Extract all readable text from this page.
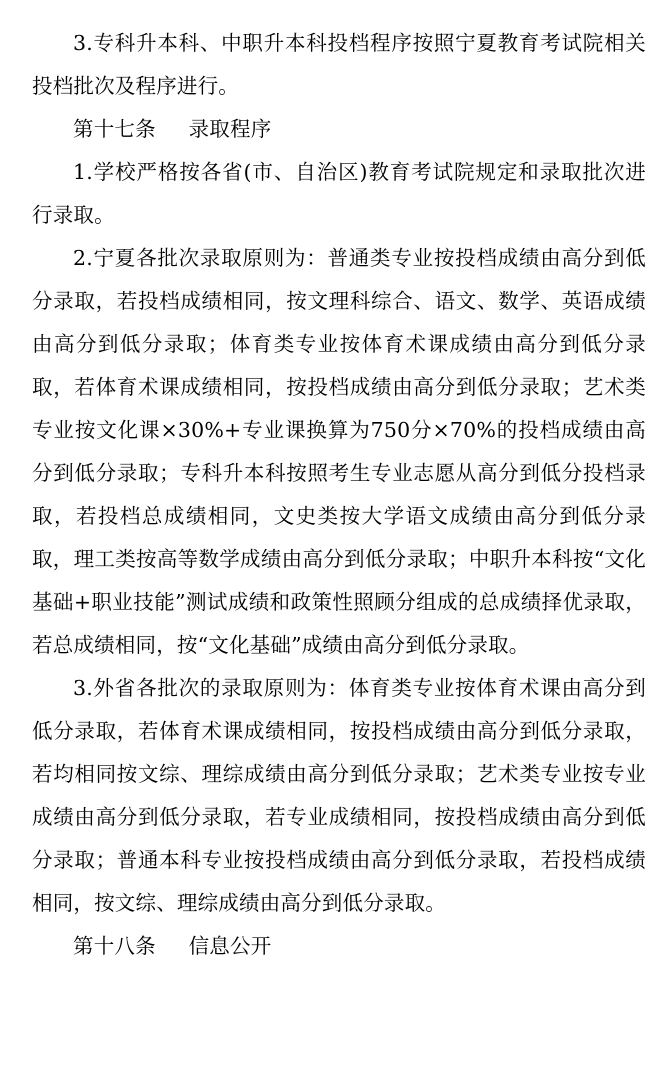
3.专科升本科、中职升本科投档程序按照宁夏教育考试院相关投档批次及程序进行。

第十七条 录取程序

1.学校严格按各省(市、自治区)教育考试院规定和录取批次进行录取。

2.宁夏各批次录取原则为：普通类专业按投档成绩由高分到低分录取，若投档成绩相同，按文理科综合、语文、数学、英语成绩由高分到低分录取；体育类专业按体育术课成绩由高分到低分录取，若体育术课成绩相同，按投档成绩由高分到低分录取；艺术类专业按文化课×30%+专业课换算为750分×70%的投档成绩由高分到低分录取；专科升本科按照考生专业志愿从高分到低分投档录取，若投档总成绩相同，文史类按大学语文成绩由高分到低分录取，理工类按高等数学成绩由高分到低分录取；中职升本科按“文化基础+职业技能”测试成绩和政策性照顾分组成的总成绩择优录取，若总成绩相同，按“文化基础”成绩由高分到低分录取。

3.外省各批次的录取原则为：体育类专业按体育术课由高分到低分录取，若体育术课成绩相同，按投档成绩由高分到低分录取，若均相同按文综、理综成绩由高分到低分录取；艺术类专业按专业成绩由高分到低分录取，若专业成绩相同，按投档成绩由高分到低分录取；普通本科专业按投档成绩由高分到低分录取，若投档成绩相同，按文综、理综成绩由高分到低分录取。

第十八条 信息公开
